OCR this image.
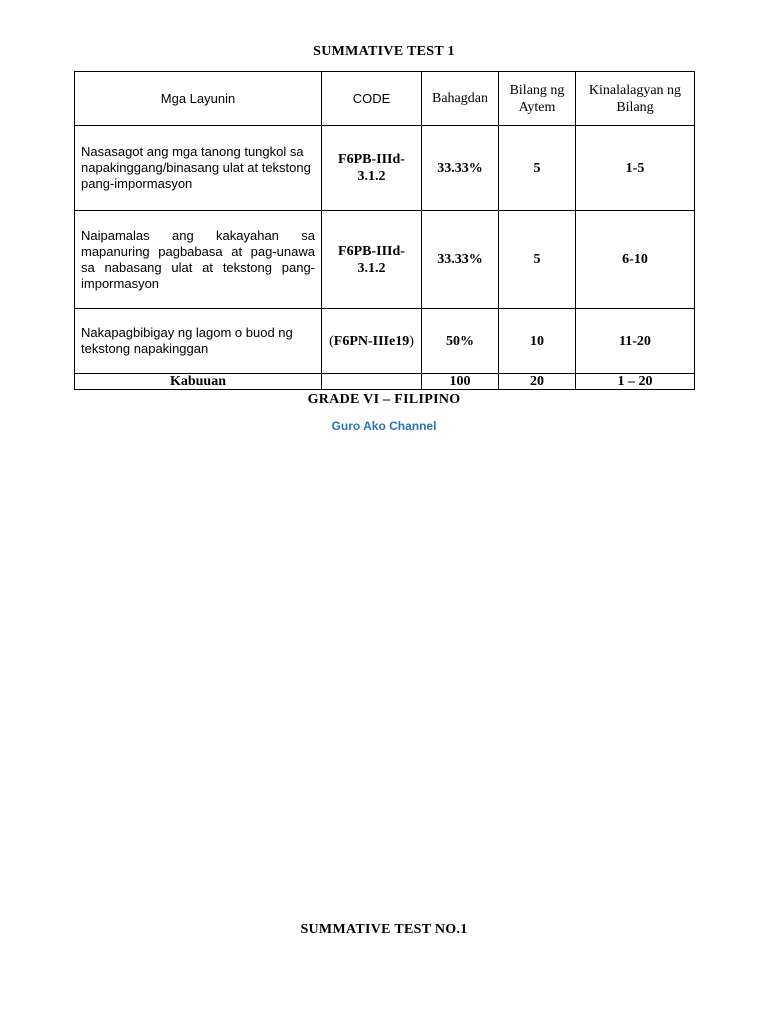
SUMMATIVE TEST 1
Mga Layunin	CODE	Bahagdan	Bilang ng Aytem	Kinalalagyan ng Bilang
Nasasagot ang mga tanong tungkol sa napakinggang/binasang ulat at tekstong pang-impormasyon	F6PB-IIId-3.1.2	33.33%	5	1-5
Naipamalas ang kakayahan sa mapanuring pagbabasa at pag-unawa sa nabasang ulat at tekstong pang-impormasyon	F6PB-IIId-3.1.2	33.33%	5	6-10
Nakapagbibigay ng lagom o buod ng tekstong napakinggan	(F6PN-IIIe19)	50%	10	11-20
Kabuuan		100	20	1 – 20
GRADE VI – FILIPINO
Guro Ako Channel
SUMMATIVE TEST NO.1
